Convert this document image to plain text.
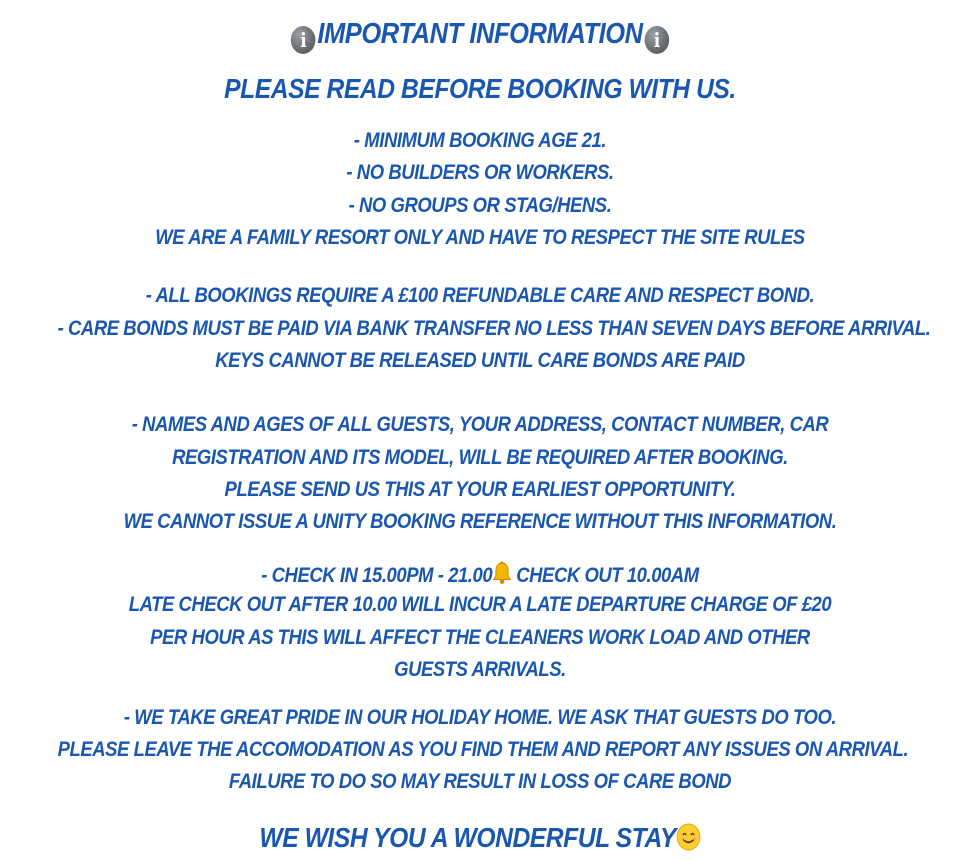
i IMPORTANT INFORMATION i
PLEASE READ BEFORE BOOKING WITH US.
- MINIMUM BOOKING AGE 21.
- NO BUILDERS OR WORKERS.
- NO GROUPS OR STAG/HENS.
WE ARE A FAMILY RESORT ONLY AND HAVE TO RESPECT THE SITE RULES
- ALL BOOKINGS REQUIRE A £100 REFUNDABLE CARE AND RESPECT BOND.
- CARE BONDS MUST BE PAID VIA BANK TRANSFER NO LESS THAN SEVEN DAYS BEFORE ARRIVAL.
KEYS CANNOT BE RELEASED UNTIL CARE BONDS ARE PAID
- NAMES AND AGES OF ALL GUESTS, YOUR ADDRESS, CONTACT NUMBER, CAR
REGISTRATION AND ITS MODEL, WILL BE REQUIRED AFTER BOOKING.
PLEASE SEND US THIS AT YOUR EARLIEST OPPORTUNITY.
WE CANNOT ISSUE A UNITY BOOKING REFERENCE WITHOUT THIS INFORMATION.
- CHECK IN 15.00PM - 21.00 CHECK OUT 10.00AM
LATE CHECK OUT AFTER 10.00 WILL INCUR A LATE DEPARTURE CHARGE OF £20
PER HOUR AS THIS WILL AFFECT THE CLEANERS WORK LOAD AND OTHER
GUESTS ARRIVALS.
- WE TAKE GREAT PRIDE IN OUR HOLIDAY HOME. WE ASK THAT GUESTS DO TOO.
PLEASE LEAVE THE ACCOMODATION AS YOU FIND THEM AND REPORT ANY ISSUES ON ARRIVAL.
FAILURE TO DO SO MAY RESULT IN LOSS OF CARE BOND
WE WISH YOU A WONDERFUL STAY
